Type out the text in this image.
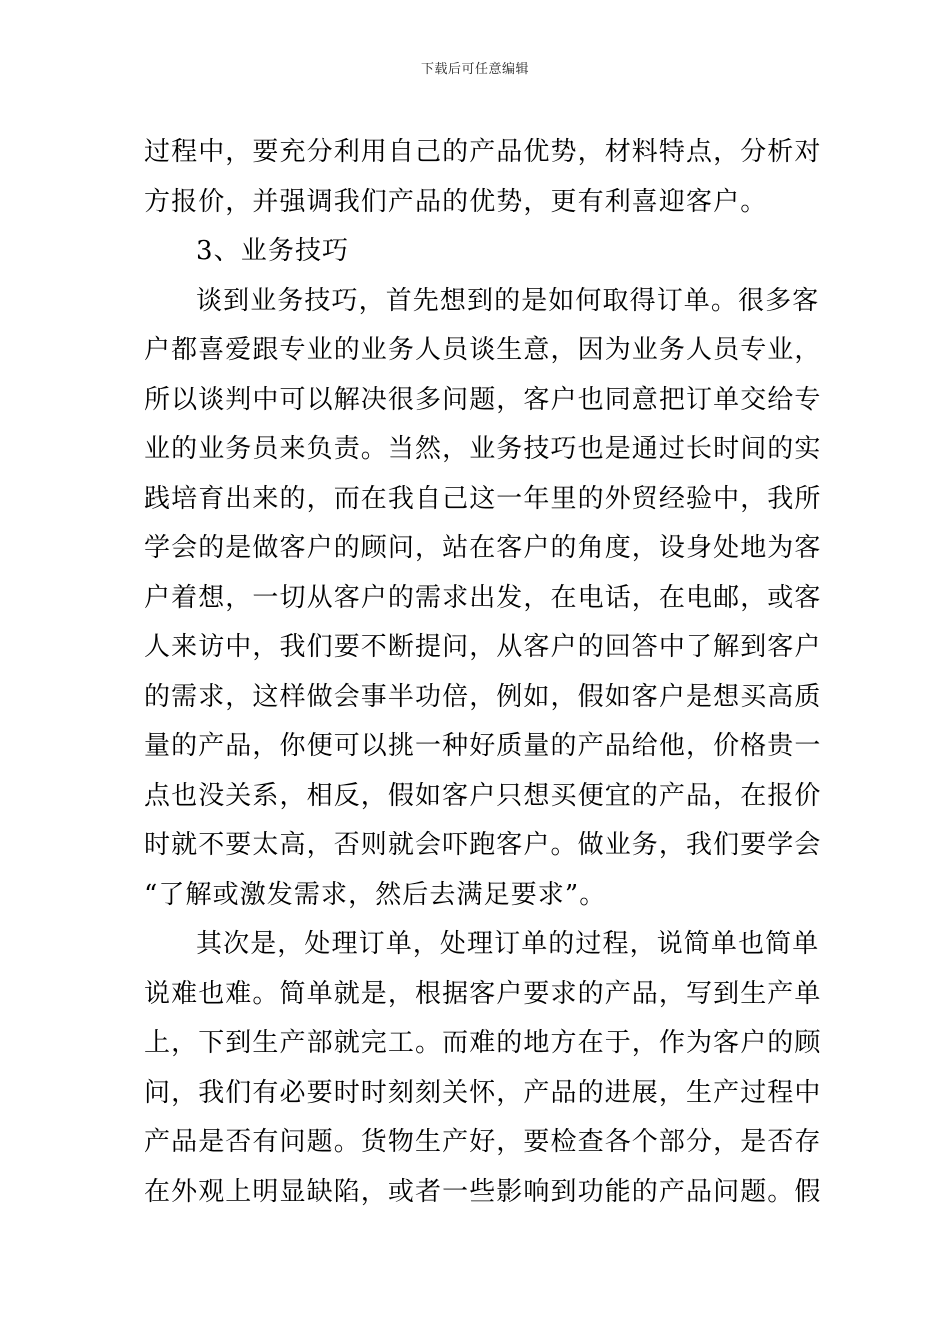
下载后可任意编辑
过程中，要充分利用自己的产品优势，材料特点，分析对
方报价，并强调我们产品的优势，更有利喜迎客户。
3、业务技巧
谈到业务技巧，首先想到的是如何取得订单。很多客
户都喜爱跟专业的业务人员谈生意，因为业务人员专业，
所以谈判中可以解决很多问题，客户也同意把订单交给专
业的业务员来负责。当然，业务技巧也是通过长时间的实
践培育出来的，而在我自己这一年里的外贸经验中，我所
学会的是做客户的顾问，站在客户的角度，设身处地为客
户着想，一切从客户的需求出发，在电话，在电邮，或客
人来访中，我们要不断提问，从客户的回答中了解到客户
的需求，这样做会事半功倍，例如，假如客户是想买高质
量的产品，你便可以挑一种好质量的产品给他，价格贵一
点也没关系，相反，假如客户只想买便宜的产品，在报价
时就不要太高，否则就会吓跑客户。做业务，我们要学会
“了解或激发需求，然后去满足要求”。
其次是，处理订单，处理订单的过程，说简单也简单
说难也难。简单就是，根据客户要求的产品，写到生产单
上，下到生产部就完工。而难的地方在于，作为客户的顾
问，我们有必要时时刻刻关怀，产品的进展，生产过程中
产品是否有问题。货物生产好，要检查各个部分，是否存
在外观上明显缺陷，或者一些影响到功能的产品问题。假
